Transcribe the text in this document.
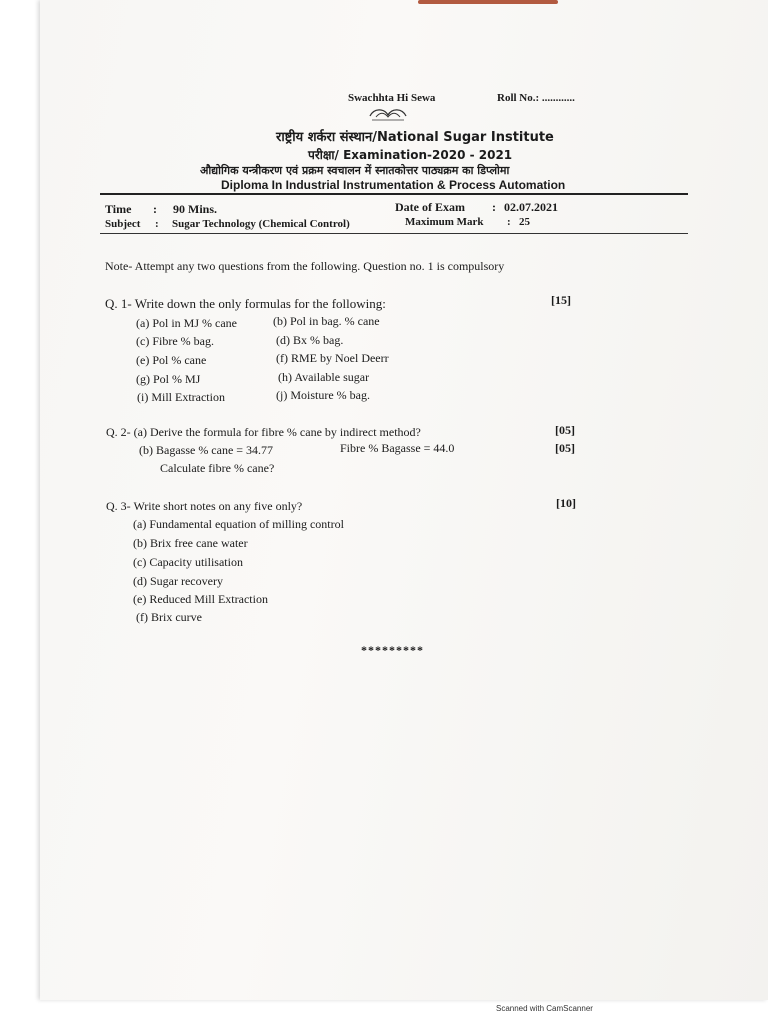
Swachhta Hi Sewa	Roll No.: ............
राष्ट्रीय शर्करा संस्थान/National Sugar Institute
परीक्षा/ Examination-2020 - 2021
औद्योगिक यन्त्रीकरण एवं प्रक्रम स्वचालन में स्नातकोत्तर पाठ्यक्रम का डिप्लोमा
Diploma In Industrial Instrumentation & Process Automation
Time : 90 Mins.
Subject : Sugar Technology (Chemical Control)
Date of Exam : 02.07.2021
Maximum Mark : 25
Note- Attempt any two questions from the following. Question no. 1 is compulsory
Q. 1- Write down the only formulas for the following:	[15]
(a) Pol in MJ % cane	(b) Pol in bag. % cane
(c) Fibre % bag.	(d) Bx % bag.
(e) Pol % cane	(f) RME by Noel Deerr
(g) Pol % MJ	(h) Available sugar
(i) Mill Extraction	(j) Moisture % bag.
Q. 2- (a) Derive the formula for fibre % cane by indirect method?	[05]
(b) Bagasse % cane = 34.77	Fibre % Bagasse = 44.0	[05]
Calculate fibre % cane?
Q. 3- Write short notes on any five only?	[10]
(a) Fundamental equation of milling control
(b) Brix free cane water
(c) Capacity utilisation
(d) Sugar recovery
(e) Reduced Mill Extraction
(f) Brix curve
*********
Scanned with CamScanner
